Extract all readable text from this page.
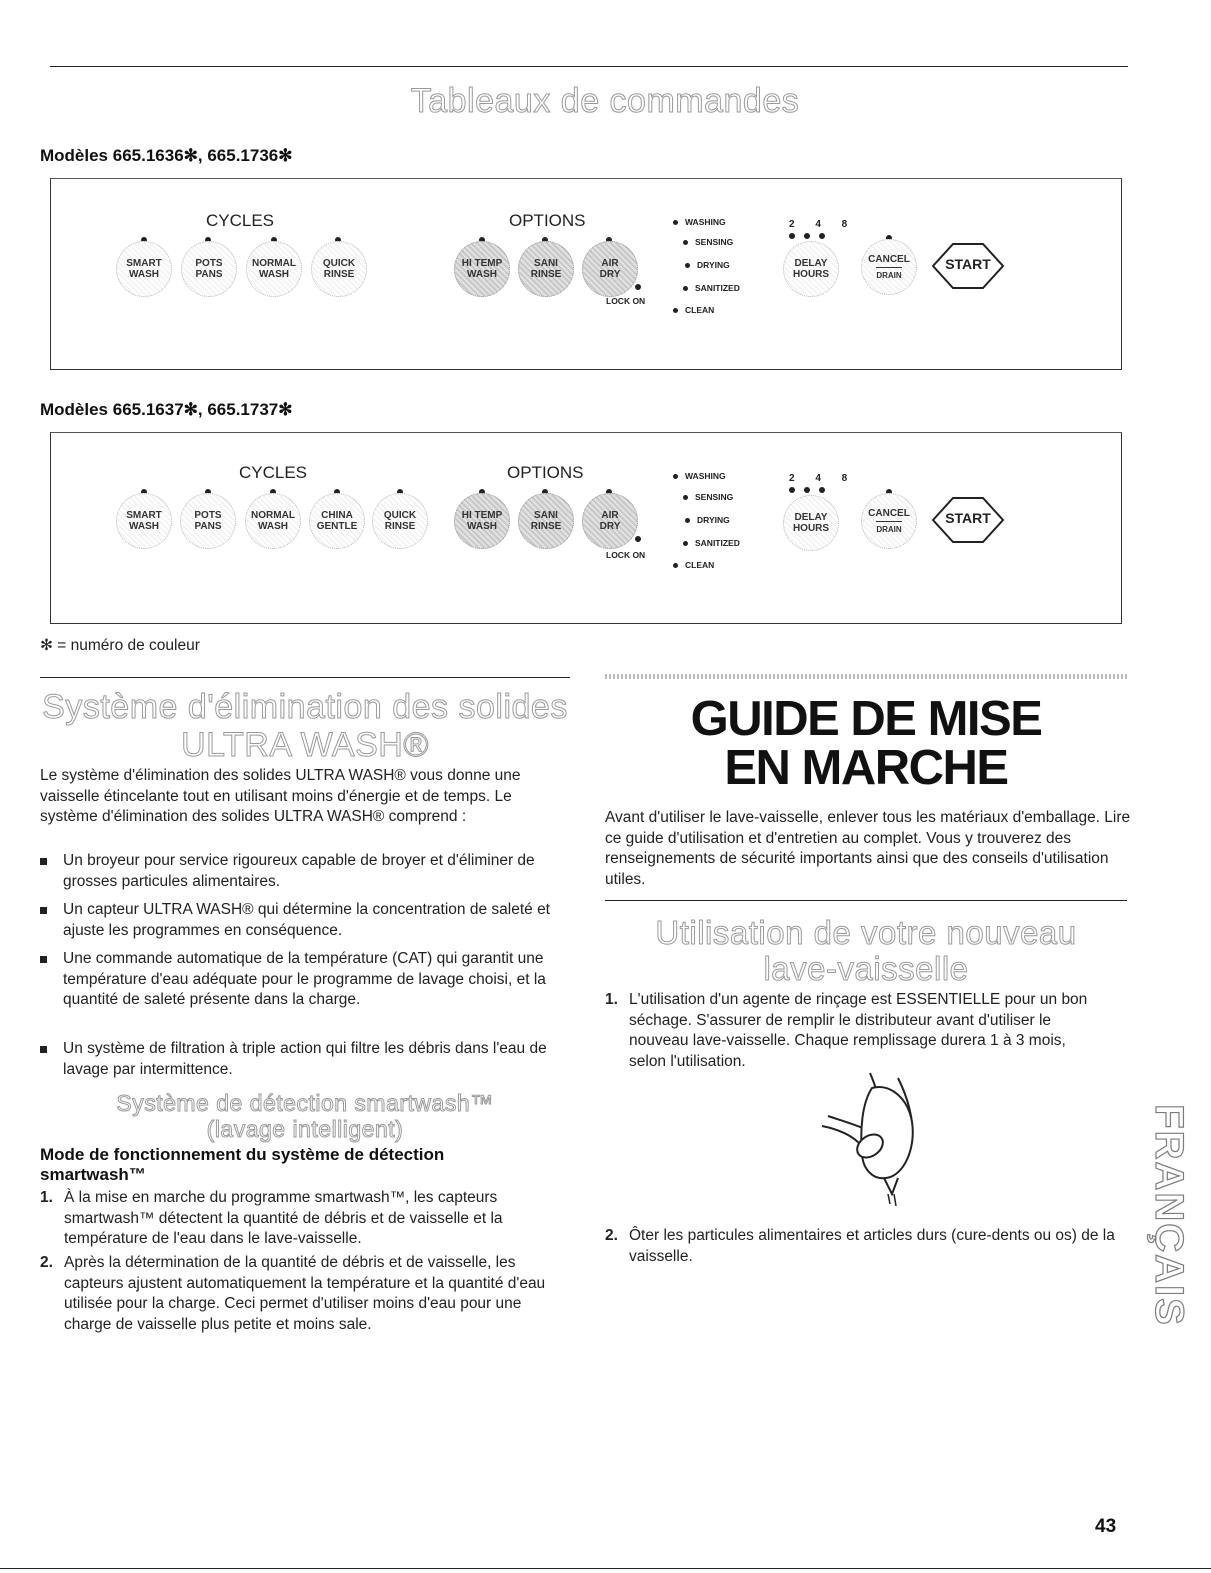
Tableaux de commandes
Modèles 665.1636✻, 665.1736✻
CYCLES	OPTIONS
SMART
WASH
POTS
PANS
NORMAL
WASH
QUICK
RINSE
HI TEMP
WASH
SANI
RINSE
AIR
DRY
LOCK ON
WASHING
SENSING
DRYING
SANITIZED
CLEAN
2 4 8
DELAY
HOURS
CANCEL
DRAIN
START
Modèles 665.1637✻, 665.1737✻
CYCLES	OPTIONS
SMART
WASH
POTS
PANS
NORMAL
WASH
CHINA
GENTLE
QUICK
RINSE
HI TEMP
WASH
SANI
RINSE
AIR
DRY
LOCK ON
WASHING
SENSING
DRYING
SANITIZED
CLEAN
2 4 8
DELAY
HOURS
CANCEL
DRAIN
START
✻ = numéro de couleur
Système d'élimination des solides
ULTRA WASH®
Le système d'élimination des solides ULTRA WASH® vous donne une vaisselle étincelante tout en utilisant moins d'énergie et de temps. Le système d'élimination des solides ULTRA WASH® comprend :
Un broyeur pour service rigoureux capable de broyer et d'éliminer de grosses particules alimentaires.
Un capteur ULTRA WASH® qui détermine la concentration de saleté et ajuste les programmes en conséquence.
Une commande automatique de la température (CAT) qui garantit une température d'eau adéquate pour le programme de lavage choisi, et la quantité de saleté présente dans la charge.
Un système de filtration à triple action qui filtre les débris dans l'eau de lavage par intermittence.
Système de détection smartwash™
(lavage intelligent)
Mode de fonctionnement du système de détection smartwash™
1. À la mise en marche du programme smartwash™, les capteurs smartwash™ détectent la quantité de débris et de vaisselle et la température de l'eau dans le lave-vaisselle.
2. Après la détermination de la quantité de débris et de vaisselle, les capteurs ajustent automatiquement la température et la quantité d'eau utilisée pour la charge. Ceci permet d'utiliser moins d'eau pour une charge de vaisselle plus petite et moins sale.
GUIDE DE MISE
EN MARCHE
Avant d'utiliser le lave-vaisselle, enlever tous les matériaux d'emballage. Lire ce guide d'utilisation et d'entretien au complet. Vous y trouverez des renseignements de sécurité importants ainsi que des conseils d'utilisation utiles.
Utilisation de votre nouveau
lave-vaisselle
1. L'utilisation d'un agente de rinçage est ESSENTIELLE pour un bon séchage. S'assurer de remplir le distributeur avant d'utiliser le nouveau lave-vaisselle. Chaque remplissage durera 1 à 3 mois, selon l'utilisation.
2. Ôter les particules alimentaires et articles durs (cure-dents ou os) de la vaisselle.	FRANÇAIS
43
